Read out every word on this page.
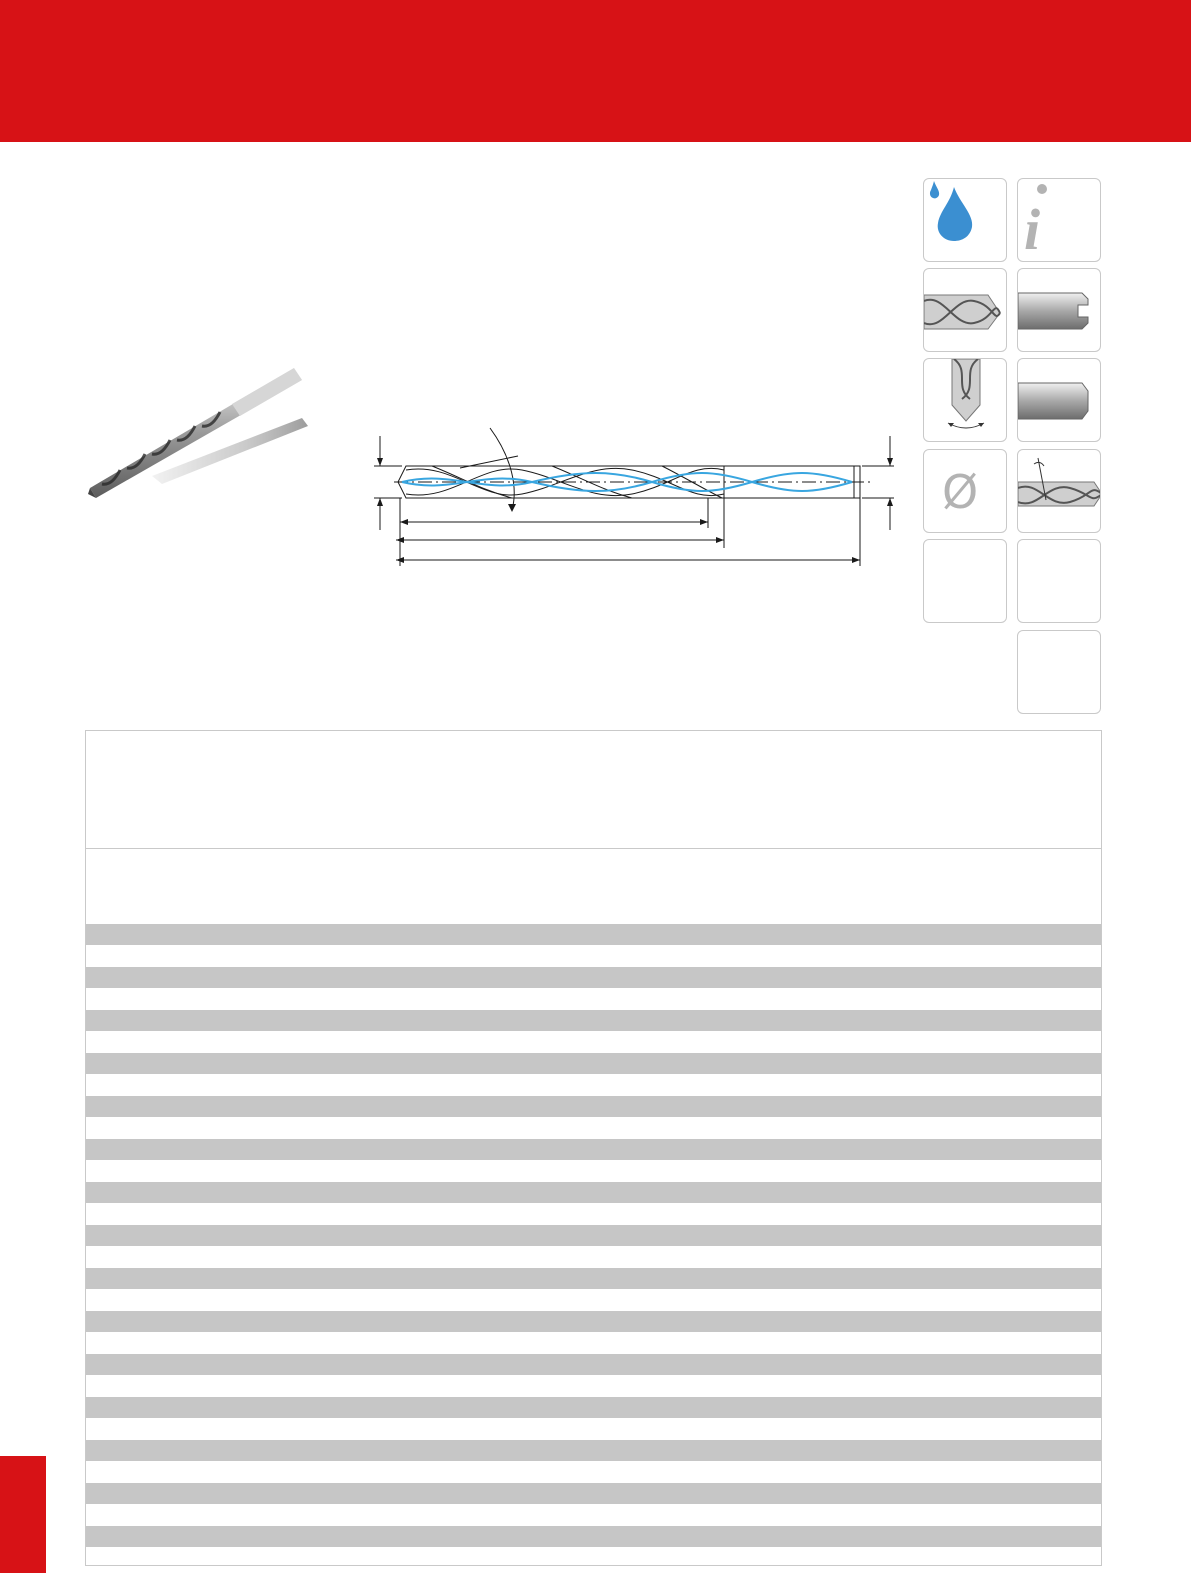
i
Ø
